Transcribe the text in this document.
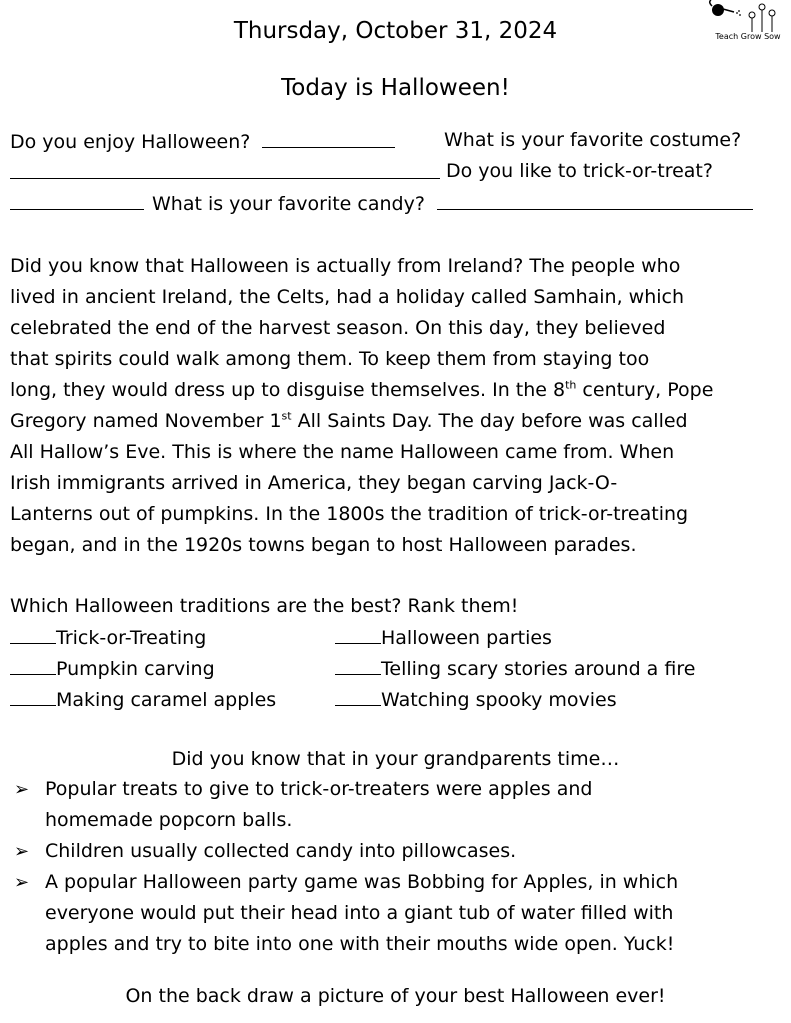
Thursday, October 31, 2024
Today is Halloween!
Teach Grow Sow
Do you enjoy Halloween?	What is your favorite costume?
Do you like to trick-or-treat?
What is your favorite candy?
Did you know that Halloween is actually from Ireland? The people who
lived in ancient Ireland, the Celts, had a holiday called Samhain, which
celebrated the end of the harvest season. On this day, they believed
that spirits could walk among them. To keep them from staying too
long, they would dress up to disguise themselves. In the 8th century, Pope
Gregory named November 1st All Saints Day. The day before was called
All Hallow’s Eve. This is where the name Halloween came from. When
Irish immigrants arrived in America, they began carving Jack-O-
Lanterns out of pumpkins. In the 1800s the tradition of trick-or-treating
began, and in the 1920s towns began to host Halloween parades.
Which Halloween traditions are the best? Rank them!
Trick-or-Treating	Halloween parties
Pumpkin carving	Telling scary stories around a fire
Making caramel apples	Watching spooky movies
Did you know that in your grandparents time…
➢ Popular treats to give to trick-or-treaters were apples and
homemade popcorn balls.
➢ Children usually collected candy into pillowcases.
➢ A popular Halloween party game was Bobbing for Apples, in which
everyone would put their head into a giant tub of water filled with
apples and try to bite into one with their mouths wide open. Yuck!
On the back draw a picture of your best Halloween ever!
